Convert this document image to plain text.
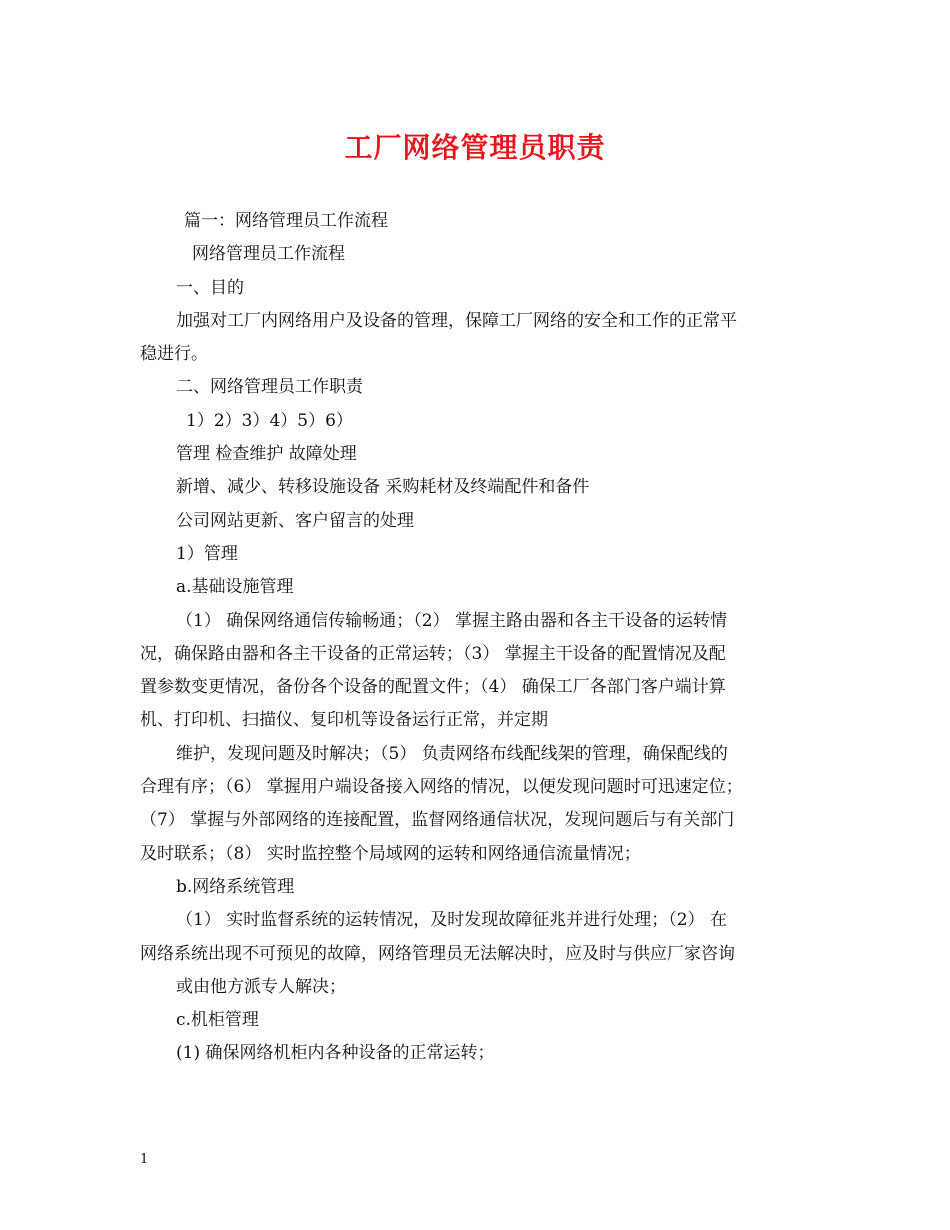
工厂网络管理员职责
篇一：网络管理员工作流程
网络管理员工作流程
一、目的
加强对工厂内网络用户及设备的管理，保障工厂网络的安全和工作的正常平
稳进行。
二、网络管理员工作职责
1）2）3）4）5）6）
管理 检查维护 故障处理
新增、减少、转移设施设备 采购耗材及终端配件和备件
公司网站更新、客户留言的处理
1）管理
a.基础设施管理
（1） 确保网络通信传输畅通；（2） 掌握主路由器和各主干设备的运转情
况，确保路由器和各主干设备的正常运转；（3） 掌握主干设备的配置情况及配
置参数变更情况，备份各个设备的配置文件；（4） 确保工厂各部门客户端计算
机、打印机、扫描仪、复印机等设备运行正常，并定期
维护，发现问题及时解决；（5） 负责网络布线配线架的管理，确保配线的
合理有序；（6） 掌握用户端设备接入网络的情况，以便发现问题时可迅速定位；
（7） 掌握与外部网络的连接配置，监督网络通信状况，发现问题后与有关部门
及时联系；（8） 实时监控整个局域网的运转和网络通信流量情况；
b.网络系统管理
（1） 实时监督系统的运转情况，及时发现故障征兆并进行处理；（2） 在
网络系统出现不可预见的故障，网络管理员无法解决时，应及时与供应厂家咨询
或由他方派专人解决；
c.机柜管理
(1) 确保网络机柜内各种设备的正常运转；
1
